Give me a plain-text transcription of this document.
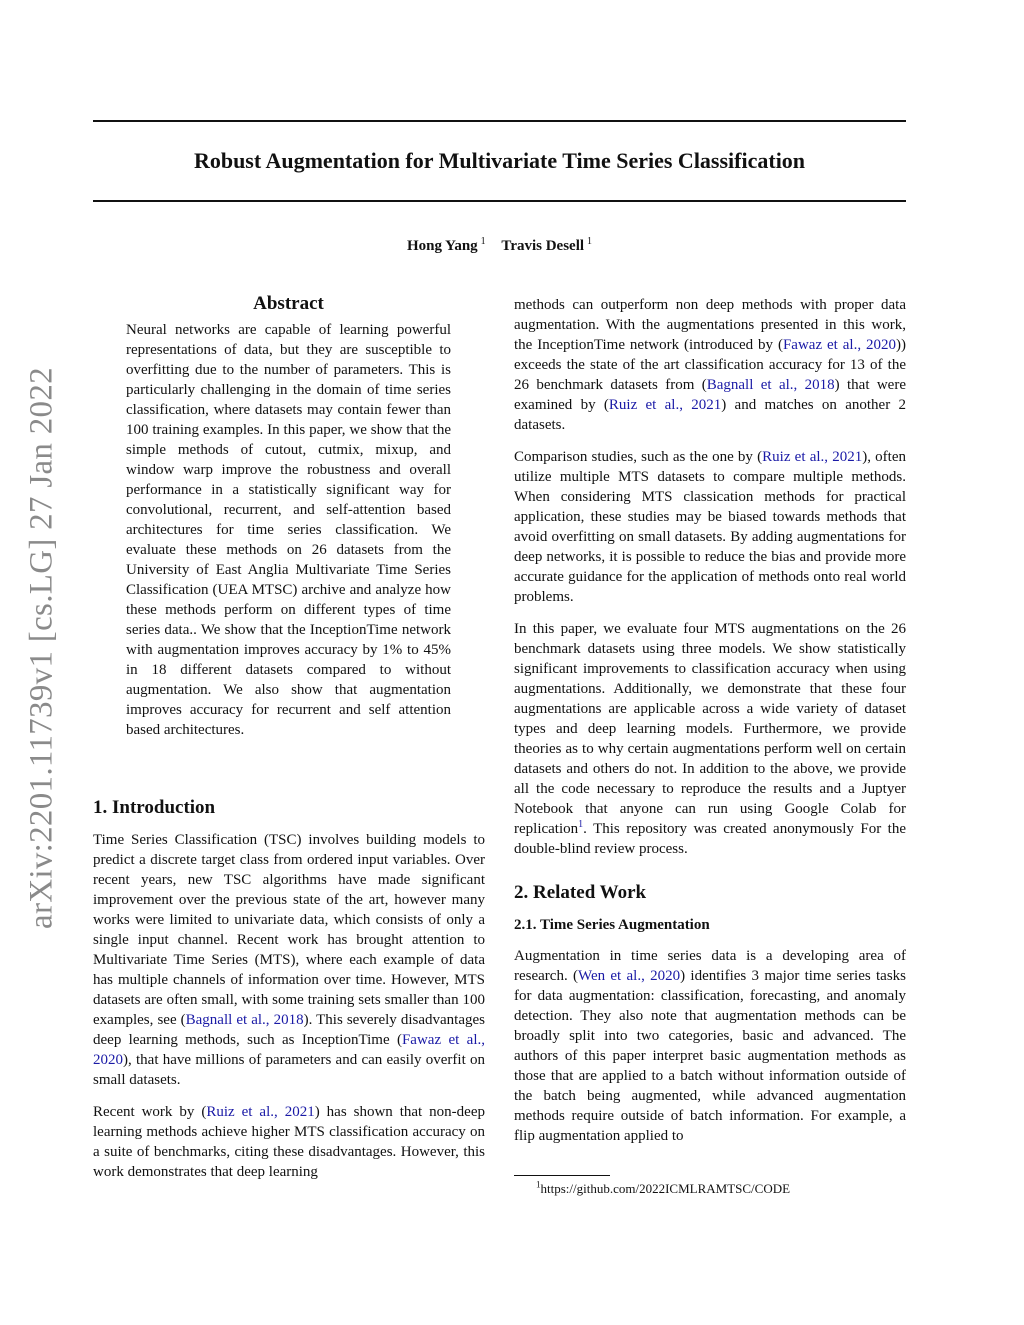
arXiv:2201.11739v1 [cs.LG] 27 Jan 2022
Robust Augmentation for Multivariate Time Series Classification
Hong Yang $^1$ Travis Desell $^1$
Abstract

Neural networks are capable of learning powerful representations of data, but they are susceptible to overfitting due to the number of parameters. This is particularly challenging in the domain of time series classification, where datasets may contain fewer than 100 training examples. In this paper, we show that the simple methods of cutout, cutmix, mixup, and window warp improve the robustness and overall performance in a statistically significant way for convolutional, recurrent, and self-attention based architectures for time series classification. We evaluate these methods on 26 datasets from the University of East Anglia Multivariate Time Series Classification (UEA MTSC) archive and analyze how these methods perform on different types of time series data.. We show that the InceptionTime network with augmentation improves accuracy by 1% to 45% in 18 different datasets compared to without augmentation. We also show that augmentation improves accuracy for recurrent and self attention based architectures.

1. Introduction

Time Series Classification (TSC) involves building models to predict a discrete target class from ordered input variables. Over recent years, new TSC algorithms have made significant improvement over the previous state of the art, however many works were limited to univariate data, which consists of only a single input channel. Recent work has brought attention to Multivariate Time Series (MTS), where each example of data has multiple channels of information over time. However, MTS datasets are often small, with some training sets smaller than 100 examples, see (Bagnall et al., 2018). This severely disadvantages deep learning methods, such as InceptionTime (Fawaz et al., 2020), that have millions of parameters and can easily overfit on small datasets.

Recent work by (Ruiz et al., 2021) has shown that non-deep learning methods achieve higher MTS classification accuracy on a suite of benchmarks, citing these disadvantages. However, this work demonstrates that deep learning

methods can outperform non deep methods with proper data augmentation. With the augmentations presented in this work, the InceptionTime network (introduced by (Fawaz et al., 2020)) exceeds the state of the art classification accuracy for 13 of the 26 benchmark datasets from (Bagnall et al., 2018) that were examined by (Ruiz et al., 2021) and matches on another 2 datasets.

Comparison studies, such as the one by (Ruiz et al., 2021), often utilize multiple MTS datasets to compare multiple methods. When considering MTS classication methods for practical application, these studies may be biased towards methods that avoid overfitting on small datasets. By adding augmentations for deep networks, it is possible to reduce the bias and provide more accurate guidance for the application of methods onto real world problems.

In this paper, we evaluate four MTS augmentations on the 26 benchmark datasets using three models. We show statistically significant improvements to classification accuracy when using augmentations. Additionally, we demonstrate that these four augmentations are applicable across a wide variety of dataset types and deep learning models. Furthermore, we provide theories as to why certain augmentations perform well on certain datasets and others do not. In addition to the above, we provide all the code necessary to reproduce the results and a Juptyer Notebook that anyone can run using Google Colab for replication$^1$. This repository was created anonymously For the double-blind review process.

2. Related Work
2.1. Time Series Augmentation

Augmentation in time series data is a developing area of research. (Wen et al., 2020) identifies 3 major time series tasks for data augmentation: classification, forecasting, and anomaly detection. They also note that augmentation methods can be broadly split into two categories, basic and advanced. The authors of this paper interpret basic augmentation methods as those that are applied to a batch without information outside of the batch being augmented, while advanced augmentation methods require outside of batch information. For example, a flip augmentation applied to

$^1$https://github.com/2022ICMLRAMTSC/CODE
